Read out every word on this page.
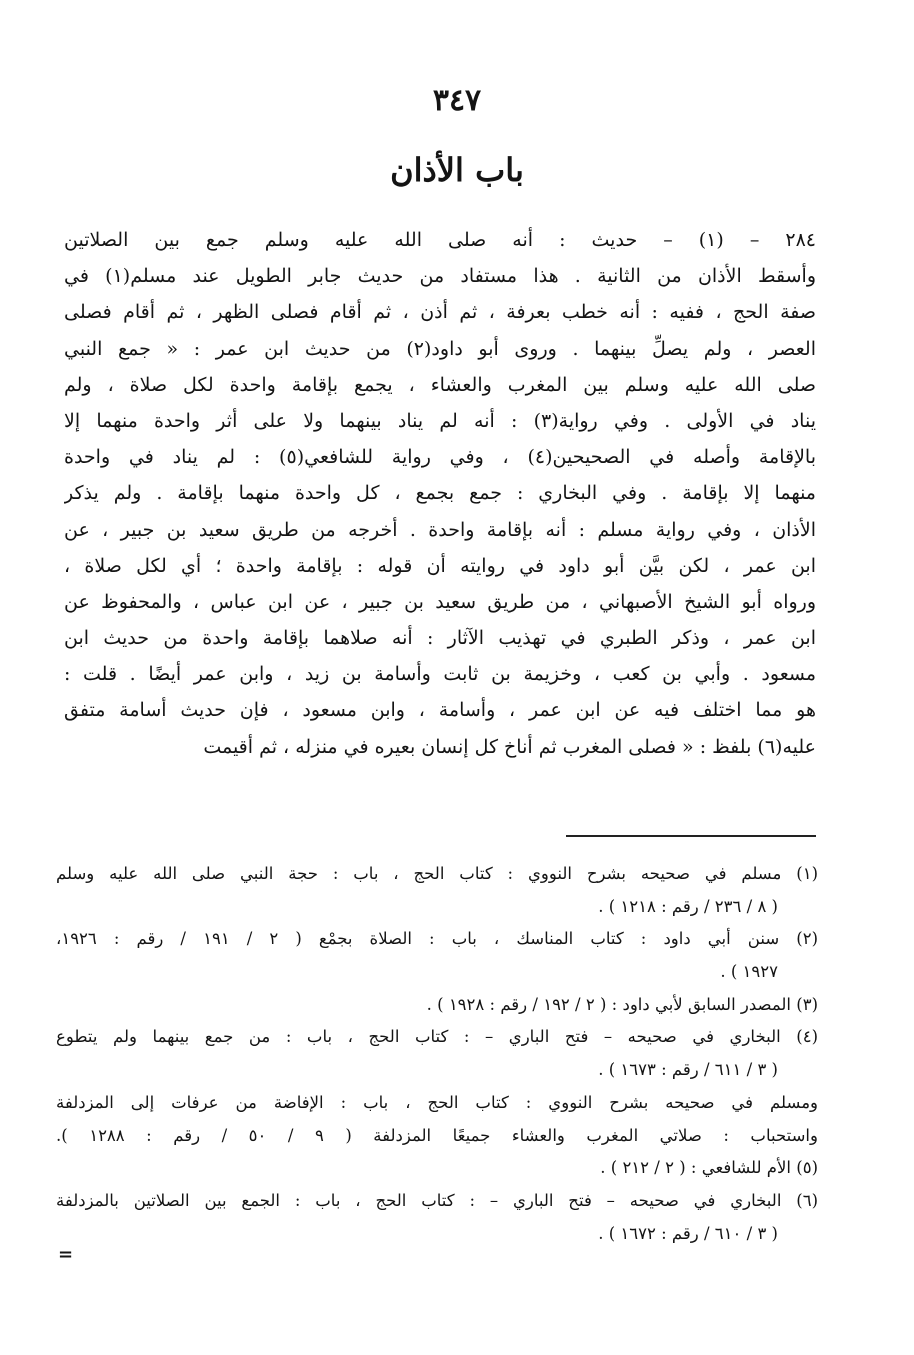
٣٤٧
باب الأذان
٢٨٤ – (١) – حديث : أنه صلى الله عليه وسلم جمع بين الصلاتين
وأسقط الأذان من الثانية . هذا مستفاد من حديث جابر الطويل عند مسلم(١) في
صفة الحج ، ففيه : أنه خطب بعرفة ، ثم أذن ، ثم أقام فصلى الظهر ، ثم أقام فصلى
العصر ، ولم يصلِّ بينهما . وروى أبو داود(٢) من حديث ابن عمر : « جمع النبي
صلى الله عليه وسلم بين المغرب والعشاء ، يجمع بإقامة واحدة لكل صلاة ، ولم
يناد في الأولى . وفي رواية(٣) : أنه لم يناد بينهما ولا على أثر واحدة منهما إلا
بالإقامة وأصله في الصحيحين(٤) ، وفي رواية للشافعي(٥) : لم يناد في واحدة
منهما إلا بإقامة . وفي البخاري : جمع بجمع ، كل واحدة منهما بإقامة . ولم يذكر
الأذان ، وفي رواية مسلم : أنه بإقامة واحدة . أخرجه من طريق سعيد بن جبير ، عن
ابن عمر ، لكن بيَّن أبو داود في روايته أن قوله : بإقامة واحدة ؛ أي لكل صلاة ،
ورواه أبو الشيخ الأصبهاني ، من طريق سعيد بن جبير ، عن ابن عباس ، والمحفوظ عن
ابن عمر ، وذكر الطبري في تهذيب الآثار : أنه صلاهما بإقامة واحدة من حديث ابن
مسعود . وأبي بن كعب ، وخزيمة بن ثابت وأسامة بن زيد ، وابن عمر أيضًا . قلت :
هو مما اختلف فيه عن ابن عمر ، وأسامة ، وابن مسعود ، فإن حديث أسامة متفق
عليه(٦) بلفظ : « فصلى المغرب ثم أناخ كل إنسان بعيره في منزله ، ثم أقيمت
(١) مسلم في صحيحه بشرح النووي : كتاب الحج ، باب : حجة النبي صلى الله عليه وسلم
( ٨ / ٢٣٦ / رقم : ١٢١٨ ) .
(٢) سنن أبي داود : كتاب المناسك ، باب : الصلاة بجمْع ( ٢ / ١٩١ / رقم : ١٩٢٦،
١٩٢٧ ) .
(٣) المصدر السابق لأبي داود : ( ٢ / ١٩٢ / رقم : ١٩٢٨ ) .
(٤) البخاري في صحيحه – فتح الباري – : كتاب الحج ، باب : من جمع بينهما ولم يتطوع
( ٣ / ٦١١ / رقم : ١٦٧٣ ) .
ومسلم في صحيحه بشرح النووي : كتاب الحج ، باب : الإفاضة من عرفات إلى المزدلفة
واستحباب : صلاتي المغرب والعشاء جميعًا المزدلفة ( ٩ / ٥٠ / رقم : ١٢٨٨ ).
(٥) الأم للشافعي : ( ٢ / ٢١٢ ) .
(٦) البخاري في صحيحه – فتح الباري – : كتاب الحج ، باب : الجمع بين الصلاتين بالمزدلفة
( ٣ / ٦١٠ / رقم : ١٦٧٢ ) .
=
